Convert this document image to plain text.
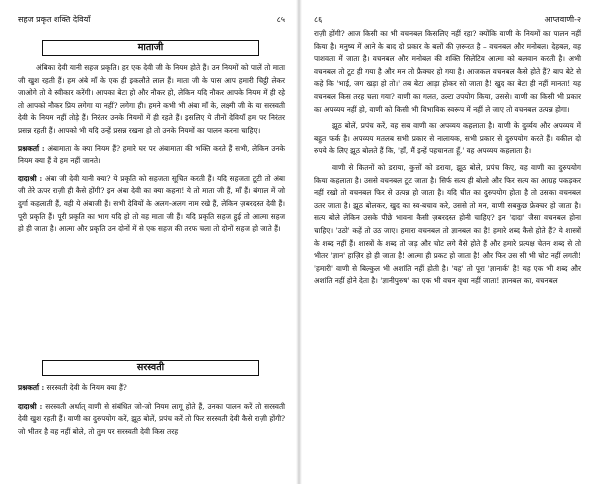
सहज प्रकृत शक्ति देवियाँ	८५
माताजी

अंबिका देवी यानी सहज प्रकृति। हर एक देवी जी के नियम होते हैं। उन नियमों को पालें तो माता जी खुश रहती हैं। हम अंबे माँ के एक ही इकलौते लाल हैं। माता जी के पास आप हमारी चिट्ठी लेकर जाओगे तो वे स्वीकार करेंगी। आपका बेटा हो और नौकर हो, लेकिन यदि नौकर आपके नियम में ही रहे तो आपको नौकर प्रिय लगेगा या नहीं? लगेगा ही। हमने कभी भी अंबा माँ के, लक्ष्मी जी के या सरस्वती देवी के नियम नहीं तोड़े हैं। निरंतर उनके नियमों में ही रहते हैं। इसलिए ये तीनों देवियाँ हम पर निरंतर प्रसन्न रहती हैं। आपको भी यदि उन्हें प्रसन्न रखना हो तो उनके नियमों का पालन करना चाहिए।

प्रश्नकर्ता : अंबामाता के क्या नियम हैं? हमारे घर पर अंबामाता की भक्ति करते हैं सभी, लेकिन उनके नियम क्या हैं वे हम नहीं जानते।

दादाश्री : अंबा जी देवी यानी क्या? ये प्रकृति को सहजता सूचित करती हैं। यदि सहजता टूटी तो अंबा जी तेरे ऊपर राज़ी ही कैसे होंगी? इन अंबा देवी का क्या कहना! ये तो माता जी हैं, माँ हैं। बंगाल में जो दुर्गा कहलाती हैं, वही ये अंबाजी हैं। सभी देवियों के अलग-अलग नाम रखे हैं, लेकिन ज़बरदस्त देवी हैं। पूरी प्रकृति हैं। पूरी प्रकृति का भाग यदि हो तो वह माता जी हैं। यदि प्रकृति सहज हुई तो आत्मा सहज हो ही जाता है। आत्मा और प्रकृति उन दोनों में से एक सहज की तरफ चला तो दोनों सहज हो जाते हैं।

सरस्वती

प्रश्नकर्ता : सरस्वती देवी के नियम क्या हैं?

दादाश्री : सरस्वती अर्थात् वाणी से संबंधित जो-जो नियम लागू होते हैं, उनका पालन करें तो सरस्वती देवी खुश रहती हैं। वाणी का दुरुपयोग करें, झूठ बोलें, प्रपंच करें तो फिर सरस्वती देवी कैसे राज़ी होंगी? जो भीतर है वह नहीं बोले, तो तुम पर सरस्वती देवी किस तरह

८६	आप्तवाणी-२

राज़ी होंगी? आज किसी का भी वचनबल किसलिए नहीं रहा? क्योंकि वाणी के नियमों का पालन नहीं किया है। मनुष्य में आने के बाद दो प्रकार के बलों की ज़रूरत है – वचनबल और मनोबल। देहबल, वह पाशवता में जाता है। वचनबल और मनोबल की शक्ति सिलेटिव आत्मा को बलवान करती है। अभी वचनबल तो टूट ही गया है और मन तो फ्रैक्चर हो गया है। आजकल वचनबल कैसे होते हैं? बाप बेटे से कहे कि 'भाई, जग खड़ा हो तो।' तब बेटा आड़ा होकर सो जाता है! खुद का बेटा ही नहीं मानता! यह वचनबल किस तरह चला गया? वाणी का गलत, उल्टा उपयोग किया, उससे। वाणी का किसी भी प्रकार का अपव्यय नहीं हो, वाणी को किसी भी विभाविक स्वरूप में नहीं ले जाए तो वचनबल उत्पन्न होगा।

झूठ बोलें, प्रपंच करें, वह सब वाणी का अपव्यय कहलाता है। वाणी के दुर्व्यय और अपव्यय में बहुत फर्क है। अपव्यय मतलब सभी प्रकार से नालायक, सभी प्रकार से दुरुपयोग करते हैं। वकील दो रुपये के लिए झूठ बोलते हैं कि, 'हाँ, मैं इन्हें पहचानता हूँ,' वह अपव्यय कहलाता है।

वाणी से कितनों को डराया, कुत्तों को डराया, झूठ बोले, प्रपंच किए, वह वाणी का दुरुपयोग किया कहलाता है। उससे वचनबल टूट जाता है। सिर्फ सत्य ही बोलो और फिर सत्य का आग्रह पकड़कर नहीं रखो तो वचनबल फिर से उत्पन्न हो जाता है। यदि चीत का दुरुपयोग होता है तो उसका वचनबल उतर जाता है। झूठ बोलकर, खुद का स्व-बचाव करे, उससे तो मन, वाणी सबकुछ फ्रेक्चर हो जाता है। सत्य बोले लेकिन उसके पीछे भावना कैसी ज़बरदस्त होनी चाहिए? इन 'दादा' जैसा वचनबल होना चाहिए। 'उठो' कहें तो उठ जाए। हमारा वचनबल तो ज्ञानबल का है! हमारे शब्द कैसे होते हैं? ये शास्त्रों के शब्द नहीं हैं। शास्त्रों के शब्द तो जड़ और चोट लगे वैसे होते हैं और हमारे प्रत्यक्ष चेतन शब्द से तो भीतर 'ज्ञान' हाज़िर हो ही जाता है! आत्मा ही प्रकट हो जाता है! और फिर उस सी भी चोट नहीं लगती! 'हमारी' वाणी से बिल्कुल भी अशांति नहीं होती है। 'यह' तो पूरा 'ज्ञानार्क' है! यह एक भी शब्द और अशांति नहीं होने देता है। 'ज्ञानीपुरुष' का एक भी वचन वृथा नहीं जाता! ज्ञानबल का, वचनबल
